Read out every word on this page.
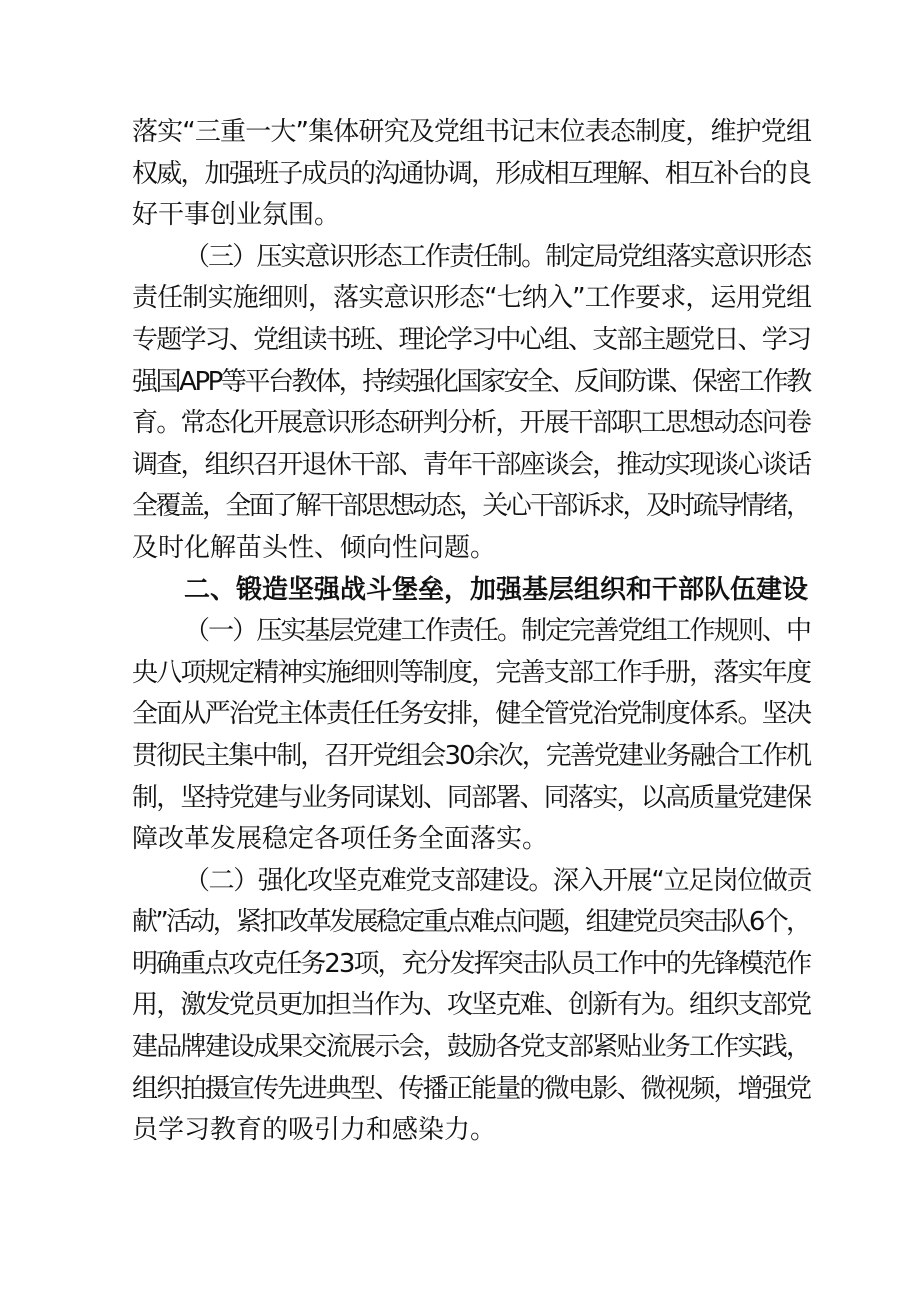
落实“三重一大”集体研究及党组书记末位表态制度，维护党组
权威，加强班子成员的沟通协调，形成相互理解、相互补台的良
好干事创业氛围。
（三）压实意识形态工作责任制。制定局党组落实意识形态
责任制实施细则，落实意识形态“七纳入”工作要求，运用党组
专题学习、党组读书班、理论学习中心组、支部主题党日、学习
强国APP等平台教体，持续强化国家安全、反间防谍、保密工作教
育。常态化开展意识形态研判分析，开展干部职工思想动态问卷
调查，组织召开退休干部、青年干部座谈会，推动实现谈心谈话
全覆盖，全面了解干部思想动态，关心干部诉求，及时疏导情绪，
及时化解苗头性、倾向性问题。
二、锻造坚强战斗堡垒，加强基层组织和干部队伍建设
（一）压实基层党建工作责任。制定完善党组工作规则、中
央八项规定精神实施细则等制度，完善支部工作手册，落实年度
全面从严治党主体责任任务安排，健全管党治党制度体系。坚决
贯彻民主集中制，召开党组会30余次，完善党建业务融合工作机
制，坚持党建与业务同谋划、同部署、同落实，以高质量党建保
障改革发展稳定各项任务全面落实。
（二）强化攻坚克难党支部建设。深入开展“立足岗位做贡
献”活动，紧扣改革发展稳定重点难点问题，组建党员突击队6个，
明确重点攻克任务23项，充分发挥突击队员工作中的先锋模范作
用，激发党员更加担当作为、攻坚克难、创新有为。组织支部党
建品牌建设成果交流展示会，鼓励各党支部紧贴业务工作实践，
组织拍摄宣传先进典型、传播正能量的微电影、微视频，增强党
员学习教育的吸引力和感染力。
